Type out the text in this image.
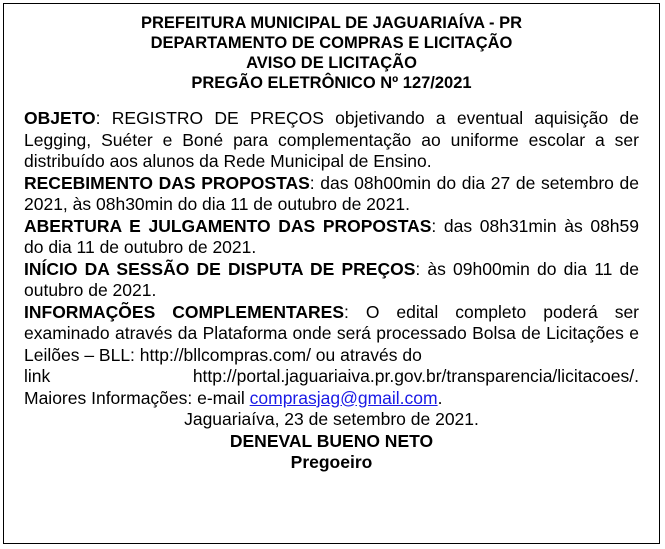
PREFEITURA MUNICIPAL DE JAGUARIAÍVA - PR
DEPARTAMENTO DE COMPRAS E LICITAÇÃO
AVISO DE LICITAÇÃO
PREGÃO ELETRÔNICO Nº 127/2021

OBJETO: REGISTRO DE PREÇOS objetivando a eventual aquisição de Legging, Suéter e Boné para complementação ao uniforme escolar a ser distribuído aos alunos da Rede Municipal de Ensino.

RECEBIMENTO DAS PROPOSTAS: das 08h00min do dia 27 de setembro de 2021, às 08h30min do dia 11 de outubro de 2021.

ABERTURA E JULGAMENTO DAS PROPOSTAS: das 08h31min às 08h59 do dia 11 de outubro de 2021.

INÍCIO DA SESSÃO DE DISPUTA DE PREÇOS: às 09h00min do dia 11 de outubro de 2021.

INFORMAÇÕES COMPLEMENTARES: O edital completo poderá ser examinado através da Plataforma onde será processado Bolsa de Licitações e Leilões – BLL: http://bllcompras.com/ ou através do

link	http://portal.jaguariaiva.pr.gov.br/transparencia/licitacoes/.

Maiores Informações: e-mail comprasjag@gmail.com.

Jaguariaíva, 23 de setembro de 2021.

DENEVAL BUENO NETO

Pregoeiro
